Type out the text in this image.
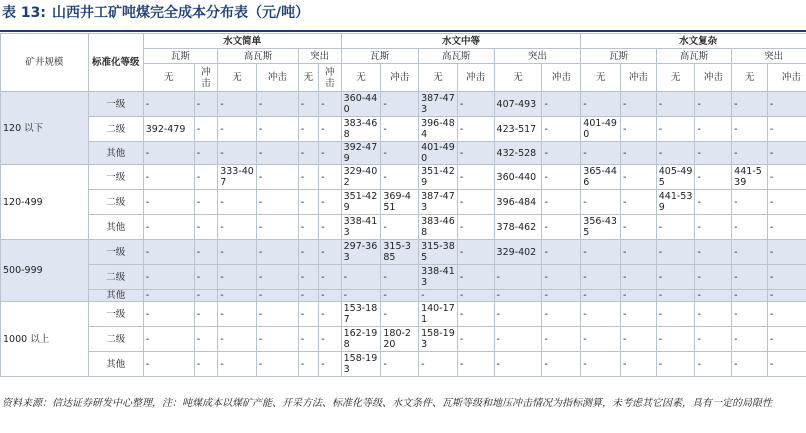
表 13: 山西井工矿吨煤完全成本分布表（元/吨）
矿井规模	标准化等级	水文简单						水文中等						水文复杂					
		瓦斯		高瓦斯		突出		瓦斯		高瓦斯		突出		瓦斯		高瓦斯		突出	
		无	冲击	无	冲击	无	冲击	无	冲击	无	冲击	无	冲击	无	冲击	无	冲击	无	冲击
120 以下	一级	-	-	-	-	-	-	360-440	-	387-473	-	407-493	-	-	-	-	-	-	-
	二级	392-479	-	-	-	-	-	383-468	-	396-484	-	423-517	-	401-490	-	-	-	-	-
	其他	-	-	-	-	-	-	392-479	-	401-490	-	432-528	-	-	-	-	-	-	-
120-499	一级	-	-	333-407	-	-	-	329-402	-	351-429	-	360-440	-	365-446	-	405-495	-	441-539	-
	二级	-	-	-	-	-	-	351-429	369-451	387-473	-	396-484	-	-	-	441-539	-	-	-
	其他	-	-	-	-	-	-	338-413	-	383-468	-	378-462	-	356-435	-	-	-	-	-
500-999	一级	-	-	-	-	-	-	297-363	315-385	315-385	-	329-402	-	-	-	-	-	-	-
	二级	-	-	-	-	-	-	-	-	338-413	-	-	-	-	-	-	-	-	-
	其他	-	-	-	-	-	-	-	-	-	-	-	-	-	-	-	-	-	-
1000 以上	一级	-	-	-	-	-	-	153-187	-	140-171	-	-	-	-	-	-	-	-	-
	二级	-	-	-	-	-	-	162-198	180-220	158-193	-	-	-	-	-	-	-	-	-
	其他	-	-	-	-	-	-	158-193	-	-	-	-	-	-	-	-	-	-	-
资料来源：信达证券研发中心整理，注：吨煤成本以煤矿产能、开采方法、标准化等级、水文条件、瓦斯等级和地压冲击情况为指标测算，未考虑其它因素，具有一定的局限性
